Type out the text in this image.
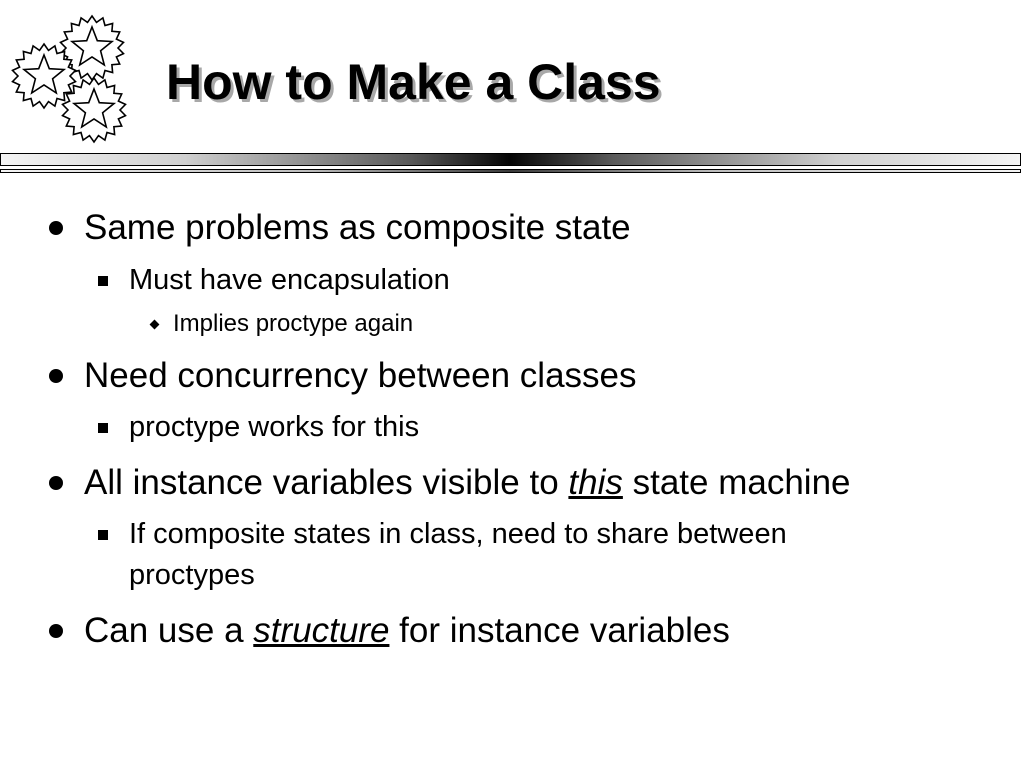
How to Make a Class
Same problems as composite state
Must have encapsulation
Implies proctype again
Need concurrency between classes
proctype works for this
All instance variables visible to this state machine
If composite states in class, need to share between
proctypes
Can use a structure for instance variables
